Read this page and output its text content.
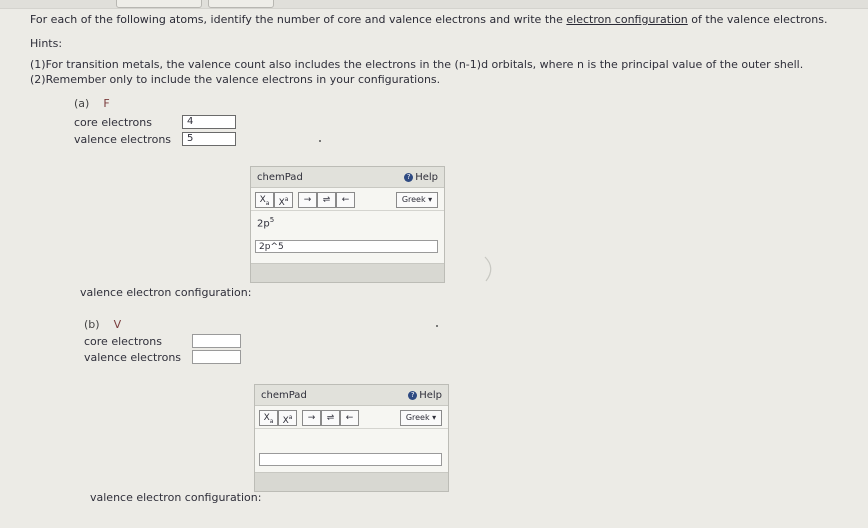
For each of the following atoms, identify the number of core and valence electrons and write the electron configuration of the valence electrons.
Hints:
(1)For transition metals, the valence count also includes the electrons in the (n-1)d orbitals, where n is the principal value of the outer shell.
(2)Remember only to include the valence electrons in your configurations.
(a) F
core electrons	4
valence electrons	5
chemPad	? Help
$X_a$	$X^a$	→	⇌	←	Greek ▾
$2p^5$
2p^5
valence electron configuration:
(b) V
core electrons
valence electrons
chemPad	? Help
$X_a$	$X^a$	→	⇌	←	Greek ▾
valence electron configuration:
